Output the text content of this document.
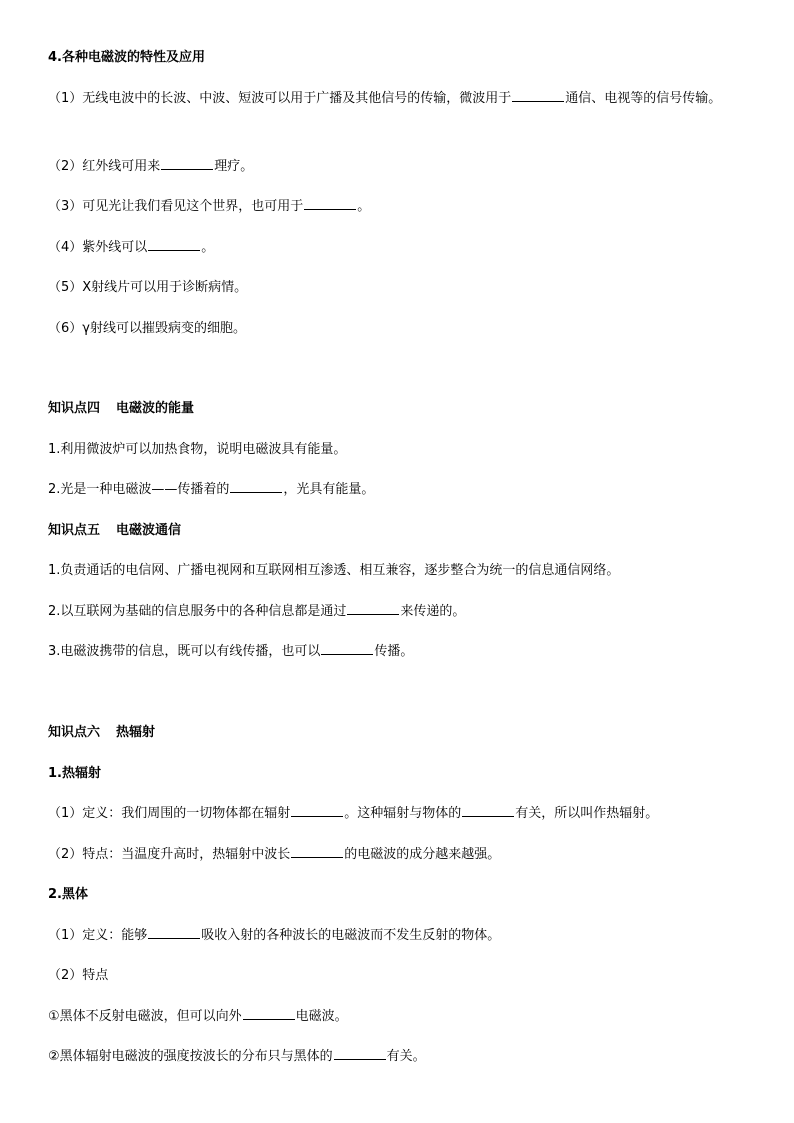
4.各种电磁波的特性及应用
（1）无线电波中的长波、中波、短波可以用于广播及其他信号的传输，微波用于	通信、电视等的信号传输。
（2）红外线可用来	理疗。
（3）可见光让我们看见这个世界，也可用于	。
（4）紫外线可以	。
（5）X射线片可以用于诊断病情。
（6）γ射线可以摧毁病变的细胞。
知识点四 电磁波的能量
1.利用微波炉可以加热食物，说明电磁波具有能量。
2.光是一种电磁波——传播着的	，光具有能量。
知识点五 电磁波通信
1.负责通话的电信网、广播电视网和互联网相互渗透、相互兼容，逐步整合为统一的信息通信网络。
2.以互联网为基础的信息服务中的各种信息都是通过	来传递的。
3.电磁波携带的信息，既可以有线传播，也可以	传播。
知识点六 热辐射
1.热辐射
（1）定义：我们周围的一切物体都在辐射	。这种辐射与物体的	有关，所以叫作热辐射。
（2）特点：当温度升高时，热辐射中波长	的电磁波的成分越来越强。
2.黑体
（1）定义：能够	吸收入射的各种波长的电磁波而不发生反射的物体。
（2）特点
①黑体不反射电磁波，但可以向外	电磁波。
②黑体辐射电磁波的强度按波长的分布只与黑体的	有关。
